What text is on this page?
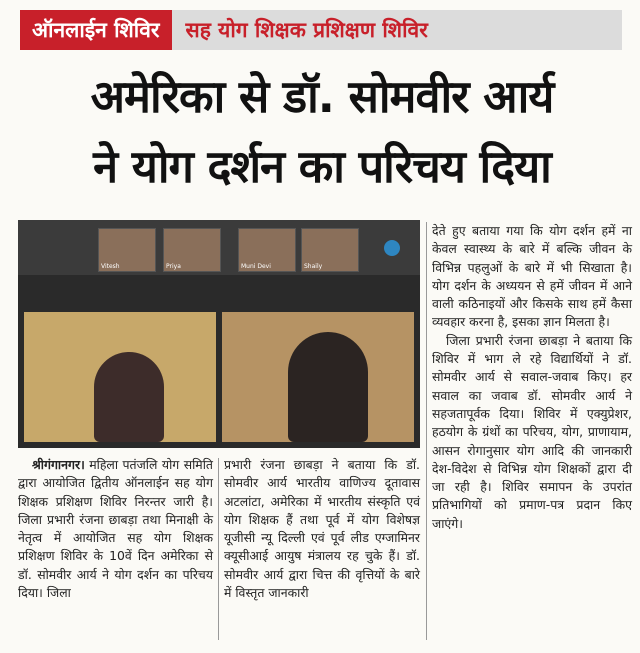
ऑनलाईन शिविर	सह योग शिक्षक प्रशिक्षण शिविर
अमेरिका से डॉ. सोमवीर आर्य
ने योग दर्शन का परिचय दिया
Vitesh	Priya	Muni Devi	Shaily

श्रीगंगानगर। महिला पतंजलि योग समिति द्वारा आयोजित द्वितीय ऑनलाईन सह योग शिक्षक प्रशिक्षण शिविर निरन्तर जारी है। जिला प्रभारी रंजना छाबड़ा तथा मिनाक्षी के नेतृत्व में आयोजित सह योग शिक्षक प्रशिक्षण शिविर के 10वें दिन अमेरिका से डॉ. सोमवीर आर्य ने योग दर्शन का परिचय दिया। जिला

प्रभारी रंजना छाबड़ा ने बताया कि डॉ. सोमवीर आर्य भारतीय वाणिज्य दूतावास अटलांटा, अमेरिका में भारतीय संस्कृति एवं योग शिक्षक हैं तथा पूर्व में योग विशेषज्ञ यूजीसी न्यू दिल्ली एवं पूर्व लीड एग्जामिनर क्यूसीआई आयुष मंत्रालय रह चुके हैं। डॉ. सोमवीर आर्य द्वारा चित्त की वृत्तियों के बारे में विस्तृत जानकारी

देते हुए बताया गया कि योग दर्शन हमें ना केवल स्वास्थ्य के बारे में बल्कि जीवन के विभिन्न पहलुओं के बारे में भी सिखाता है। योग दर्शन के अध्ययन से हमें जीवन में आने वाली कठिनाइयों और किसके साथ हमें कैसा व्यवहार करना है, इसका ज्ञान मिलता है।

जिला प्रभारी रंजना छाबड़ा ने बताया कि शिविर में भाग ले रहे विद्यार्थियों ने डॉ. सोमवीर आर्य से सवाल-जवाब किए। हर सवाल का जवाब डॉ. सोमवीर आर्य ने सहजतापूर्वक दिया। शिविर में एक्युप्रेशर, हठयोग के ग्रंथों का परिचय, योग, प्राणायाम, आसन रोगानुसार योग आदि की जानकारी देश-विदेश से विभिन्न योग शिक्षकों द्वारा दी जा रही है। शिविर समापन के उपरांत प्रतिभागियों को प्रमाण-पत्र प्रदान किए जाएंगे।
